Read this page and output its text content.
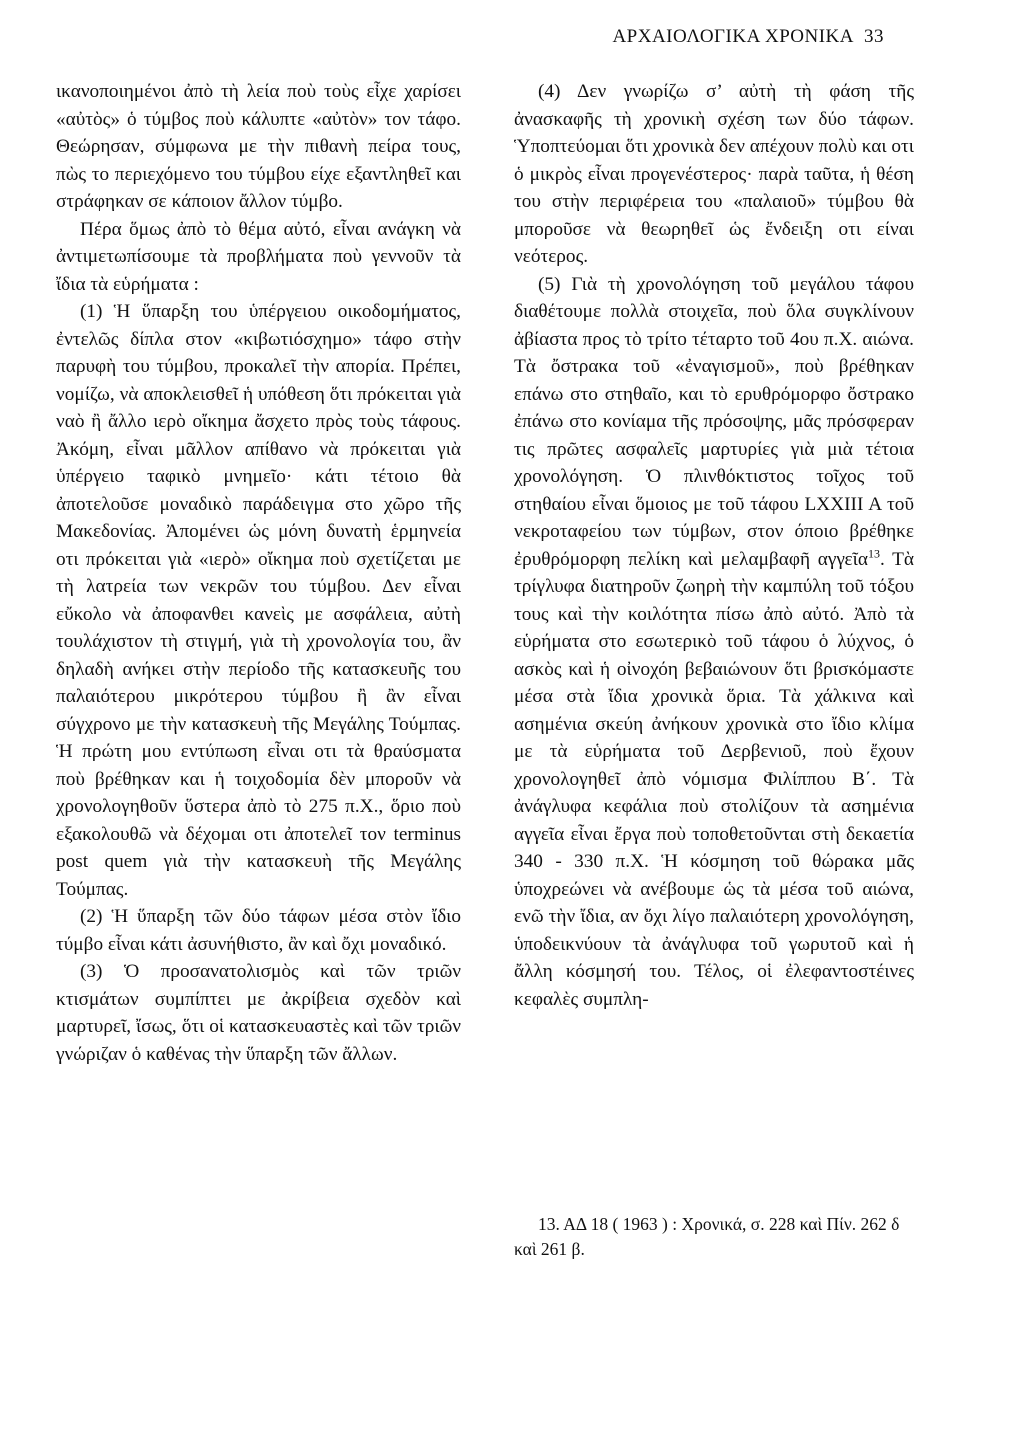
ΑΡΧΑΙΟΛΟΓΙΚΑ ΧΡΟΝΙΚΑ 33

ικανοποιημένοι ἀπὸ τὴ λεία ποὺ τοὺς εἶχε χαρίσει «αὐτὸς» ὁ τύμβος ποὺ κάλυπτε «αὐτὸν» τον τάφο. Θεώρησαν, σύμφωνα με τὴν πιθανὴ πείρα τους, πὼς το περιεχόμενο του τύμβου είχε εξαντληθεῖ και στράφηκαν σε κάποιον ἄλλον τύμβο.

Πέρα ὅμως ἀπὸ τὸ θέμα αὐτό, εἶναι ανάγκη νὰ ἀντιμετωπίσουμε τὰ προβλήματα ποὺ γεννοῦν τὰ ἴδια τὰ εὑρήματα :

(1) Ἡ ὕπαρξη του ὑπέργειου οικοδομήματος, ἐντελῶς δίπλα στον «κιβωτιόσχημο» τάφο στὴν παρυφὴ του τύμβου, προκαλεῖ τὴν απορία. Πρέπει, νομίζω, νὰ αποκλεισθεῖ ἡ υπόθεση ὅτι πρόκειται γιὰ ναὸ ἢ ἄλλο ιερὸ οἴκημα ἄσχετο πρὸς τοὺς τάφους. Ἀκόμη, εἶναι μᾶλλον απίθανο νὰ πρόκειται γιὰ ὑπέργειο ταφικὸ μνημεῖο· κάτι τέτοιο θὰ ἀποτελοῦσε μοναδικὸ παράδειγμα στο χῶρο τῆς Μακεδονίας. Ἀπομένει ὡς μόνη δυνατὴ ἑρμηνεία οτι πρόκειται γιὰ «ιερὸ» οἴκημα ποὺ σχετίζεται με τὴ λατρεία των νεκρῶν του τύμβου. Δεν εἶναι εὔκολο νὰ ἀποφανθει κανεὶς με ασφάλεια, αὐτὴ τουλάχιστον τὴ στιγμή, γιὰ τὴ χρονολογία του, ἂν δηλαδὴ ανήκει στὴν περίοδο τῆς κατασκευῆς του παλαιότερου μικρότερου τύμβου ἢ ἂν εἶναι σύγχρονο με τὴν κατασκευὴ τῆς Μεγάλης Τούμπας. Ἡ πρώτη μου εντύπωση εἶναι οτι τὰ θραύσματα ποὺ βρέθηκαν και ἡ τοιχοδομία δὲν μποροῦν νὰ χρονολογηθοῦν ὕστερα ἀπὸ τὸ 275 π.Χ., ὅριο ποὺ εξακολουθῶ νὰ δέχομαι οτι ἀποτελεῖ τον terminus post quem γιὰ τὴν κατασκευὴ τῆς Μεγάλης Τούμπας.

(2) Ἡ ὕπαρξη τῶν δύο τάφων μέσα στὸν ἴδιο τύμβο εἶναι κάτι ἀσυνήθιστο, ἂν καὶ ὄχι μοναδικό.

(3) Ὁ προσανατολισμὸς καὶ τῶν τριῶν κτισμάτων συμπίπτει με ἀκρίβεια σχεδὸν καὶ μαρτυρεῖ, ἴσως, ὅτι οἱ κατασκευαστὲς καὶ τῶν τριῶν γνώριζαν ὁ καθένας τὴν ὕπαρξη τῶν ἄλλων.

(4) Δεν γνωρίζω σ’ αὐτὴ τὴ φάση τῆς ἀνασκαφῆς τὴ χρονικὴ σχέση των δύο τάφων. Ὑποπτεύομαι ὅτι χρονικὰ δεν απέχουν πολὺ και οτι ὁ μικρὸς εἶναι προγενέστερος· παρὰ ταῦτα, ἡ θέση του στὴν περιφέρεια του «παλαιοῦ» τύμβου θὰ μποροῦσε νὰ θεωρηθεῖ ὡς ἔνδειξη οτι είναι νεότερος.

(5) Γιὰ τὴ χρονολόγηση τοῦ μεγάλου τάφου διαθέτουμε πολλὰ στοιχεῖα, ποὺ ὅλα συγκλίνουν ἀβίαστα προς τὸ τρίτο τέταρτο τοῦ 4ου π.Χ. αιώνα. Τὰ ὄστρακα τοῦ «ἐναγισμοῦ», ποὺ βρέθηκαν επάνω στο στηθαῖο, και τὸ ερυθρόμορφο ὄστρακο ἐπάνω στο κονίαμα τῆς πρόσοψης, μᾶς πρόσφεραν τις πρῶτες ασφαλεῖς μαρτυρίες γιὰ μιὰ τέτοια χρονολόγηση. Ὁ πλινθόκτιστος τοῖχος τοῦ στηθαίου εἶναι ὅμοιος με τοῦ τάφου LXXIII A τοῦ νεκροταφείου των τύμβων, στον όποιο βρέθηκε ἐρυθρόμορφη πελίκη καὶ μελαμβαφῆ αγγεῖα$^{13}$. Τὰ τρίγλυφα διατηροῦν ζωηρὴ τὴν καμπύλη τοῦ τόξου τους καὶ τὴν κοιλότητα πίσω ἀπὸ αὐτό. Ἀπὸ τὰ εὑρήματα στο εσωτερικὸ τοῦ τάφου ὁ λύχνος, ὁ ασκὸς καὶ ἡ οἰνοχόη βεβαιώνουν ὅτι βρισκόμαστε μέσα στὰ ἴδια χρονικὰ ὅρια. Τὰ χάλκινα καὶ ασημένια σκεύη ἀνήκουν χρονικὰ στο ἴδιο κλίμα με τὰ εὑρήματα τοῦ Δερβενιοῦ, ποὺ ἔχουν χρονολογηθεῖ ἀπὸ νόμισμα Φιλίππου Β΄. Τὰ ἀνάγλυφα κεφάλια ποὺ στολίζουν τὰ ασημένια αγγεῖα εἶναι ἔργα ποὺ τοποθετοῦνται στὴ δεκαετία 340 - 330 π.Χ. Ἡ κόσμηση τοῦ θώρακα μᾶς ὑποχρεώνει νὰ ανέβουμε ὡς τὰ μέσα τοῦ αιώνα, ενῶ τὴν ἴδια, αν ὄχι λίγο παλαιότερη χρονολόγηση, ὑποδεικνύουν τὰ ἀνάγλυφα τοῦ γωρυτοῦ καὶ ἡ ἄλλη κόσμησή του. Τέλος, οἱ ἐλεφαντοστέινες κεφαλὲς συμπλη-

13. ΑΔ 18 ( 1963 ) : Χρονικά, σ. 228 καὶ Πίν. 262 δ καὶ 261 β.
